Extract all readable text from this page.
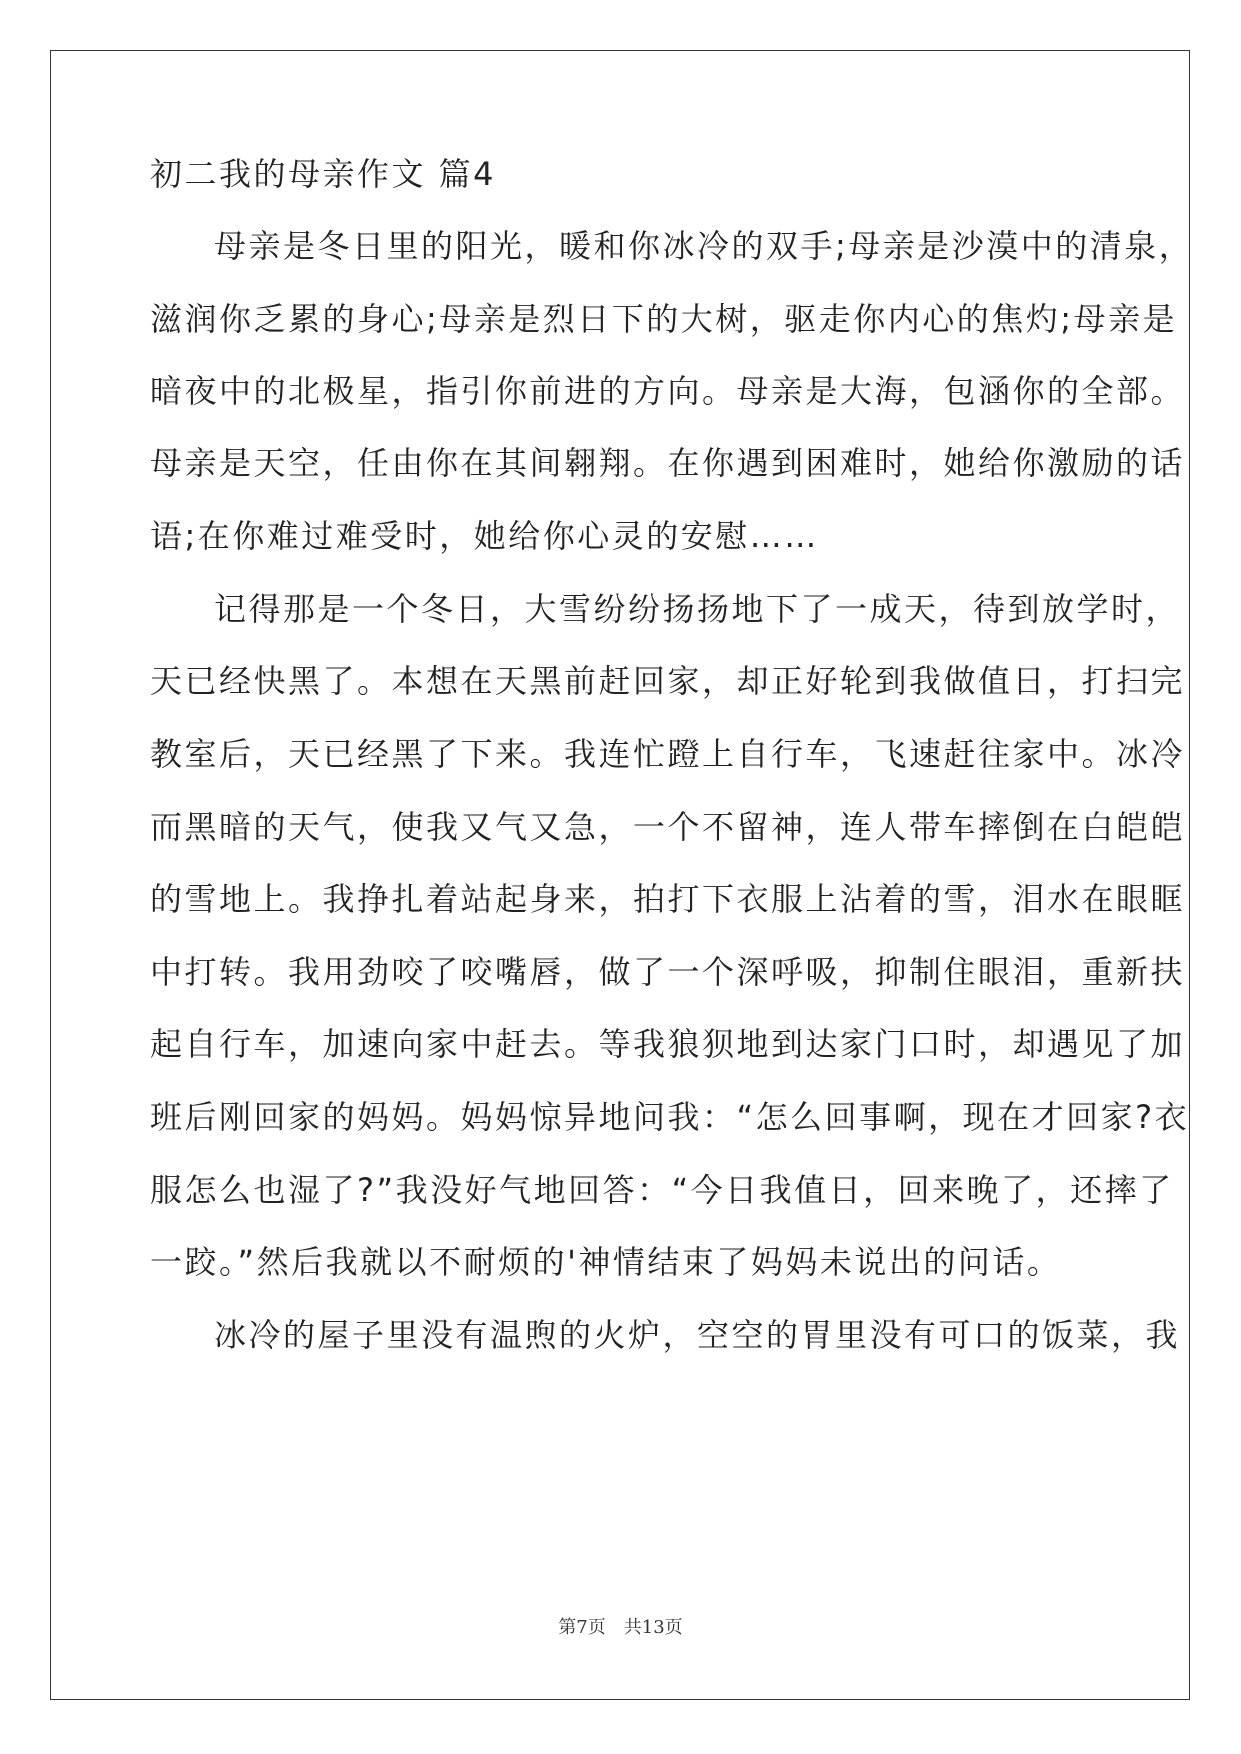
初二我的母亲作文 篇4
母亲是冬日里的阳光，暖和你冰冷的双手;母亲是沙漠中的清泉，
滋润你乏累的身心;母亲是烈日下的大树，驱走你内心的焦灼;母亲是
暗夜中的北极星，指引你前进的方向。母亲是大海，包涵你的全部。
母亲是天空，任由你在其间翱翔。在你遇到困难时，她给你激励的话
语;在你难过难受时，她给你心灵的安慰……
记得那是一个冬日，大雪纷纷扬扬地下了一成天，待到放学时，
天已经快黑了。本想在天黑前赶回家，却正好轮到我做值日，打扫完
教室后，天已经黑了下来。我连忙蹬上自行车，飞速赶往家中。冰冷
而黑暗的天气，使我又气又急，一个不留神，连人带车摔倒在白皑皑
的雪地上。我挣扎着站起身来，拍打下衣服上沾着的雪，泪水在眼眶
中打转。我用劲咬了咬嘴唇，做了一个深呼吸，抑制住眼泪，重新扶
起自行车，加速向家中赶去。等我狼狈地到达家门口时，却遇见了加
班后刚回家的妈妈。妈妈惊异地问我：“怎么回事啊，现在才回家?衣
服怎么也湿了?”我没好气地回答：“今日我值日，回来晚了，还摔了
一跤。”然后我就以不耐烦的'神情结束了妈妈未说出的问话。
冰冷的屋子里没有温煦的火炉，空空的胃里没有可口的饭菜，我
第7页　共13页
